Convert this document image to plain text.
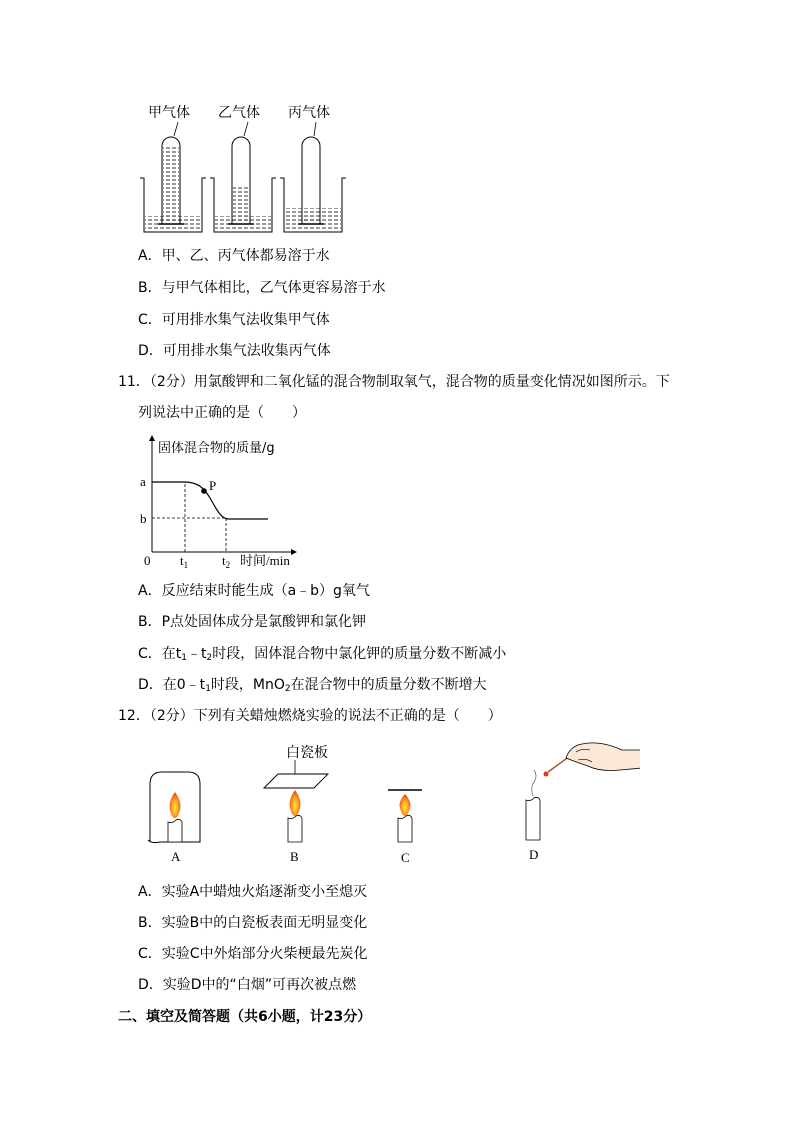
甲气体 乙气体 丙气体
A．甲、乙、丙气体都易溶于水
B．与甲气体相比，乙气体更容易溶于水
C．可用排水集气法收集甲气体
D．可用排水集气法收集丙气体
11．（2分）用氯酸钾和二氧化锰的混合物制取氧气，混合物的质量变化情况如图所示。下
列说法中正确的是（　　）
固体混合物的质量/g
时间/min
0
a
b
$t_1$	$t_2$
P
A．反应结束时能生成（a﹣b）g氧气
B．P点处固体成分是氯酸钾和氯化钾
C．在$t_1﹣t_2$时段，固体混合物中氯化钾的质量分数不断减小
D．在$0﹣t_1$时段，MnO$_2$在混合物中的质量分数不断增大
12．（2分）下列有关蜡烛燃烧实验的说法不正确的是（　　）
白瓷板
A	B	C	D
A．实验A中蜡烛火焰逐渐变小至熄灭
B．实验B中的白瓷板表面无明显变化
C．实验C中外焰部分火柴梗最先炭化
D．实验D中的“白烟”可再次被点燃
二、填空及简答题（共6小题，计23分）
